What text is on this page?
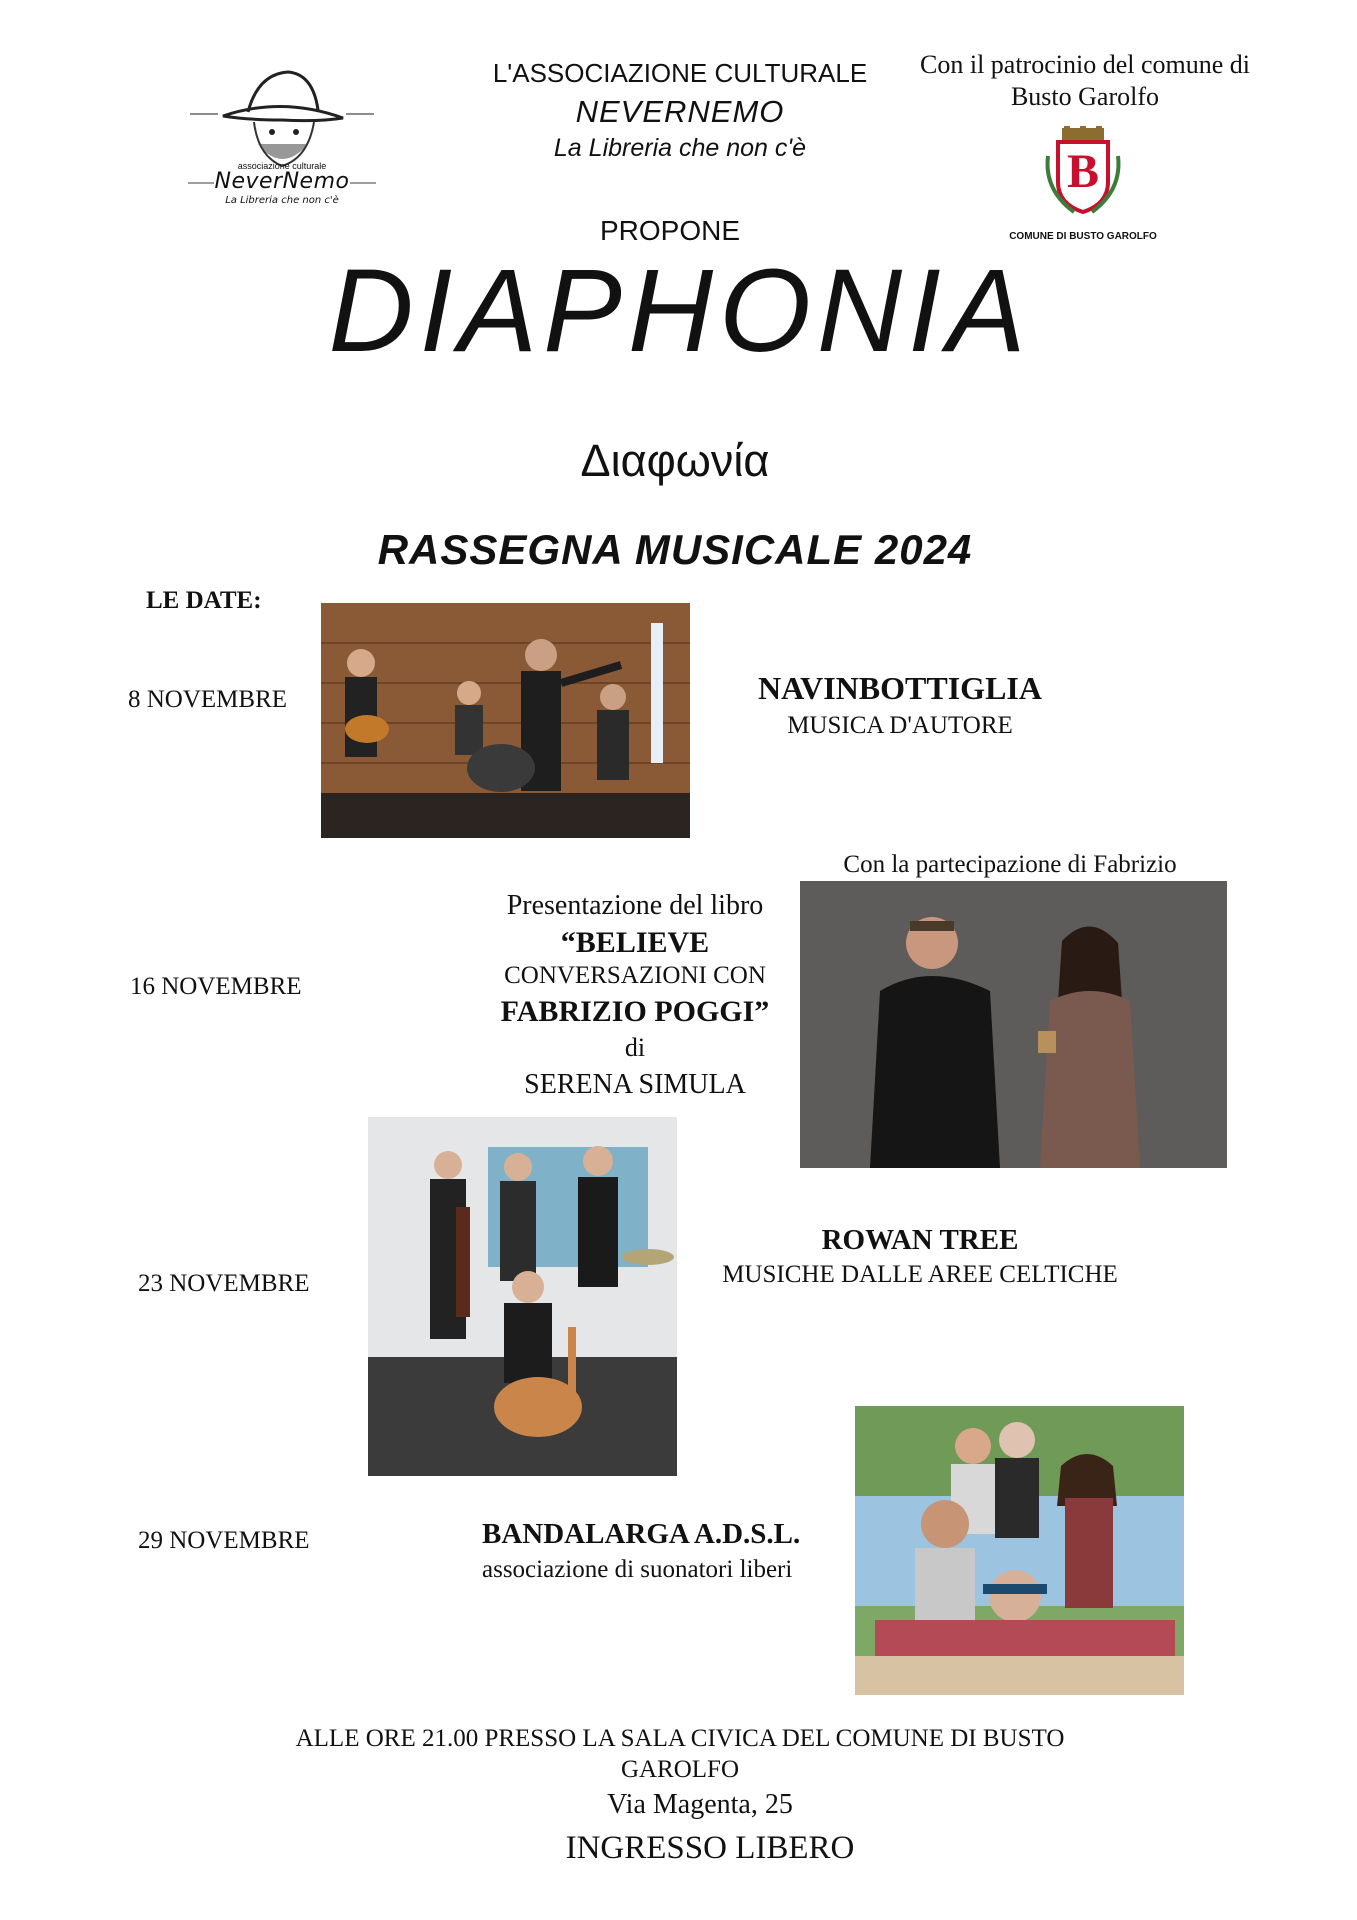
associazione culturale
NeverNemo
La Libreria che non c'è
L'ASSOCIAZIONE CULTURALE
NEVERNEMO
La Libreria che non c'è
Con il patrocinio del comune di
Busto Garolfo
B
COMUNE DI BUSTO GAROLFO
PROPONE
DIAPHONIA
Διαφωνία
RASSEGNA MUSICALE 2024
LE DATE:
8 NOVEMBRE	NAVINBOTTIGLIA
MUSICA D'AUTORE
Con la partecipazione di Fabrizio
16 NOVEMBRE
Presentazione del libro
“BELIEVE
CONVERSAZIONI CON
FABRIZIO POGGI”
di
SERENA SIMULA
23 NOVEMBRE
ROWAN TREE
MUSICHE DALLE AREE CELTICHE
29 NOVEMBRE	BANDALARGA A.D.S.L.
associazione di suonatori liberi
ALLE ORE 21.00 PRESSO LA SALA CIVICA DEL COMUNE DI BUSTO
GAROLFO
Via Magenta, 25
INGRESSO LIBERO
